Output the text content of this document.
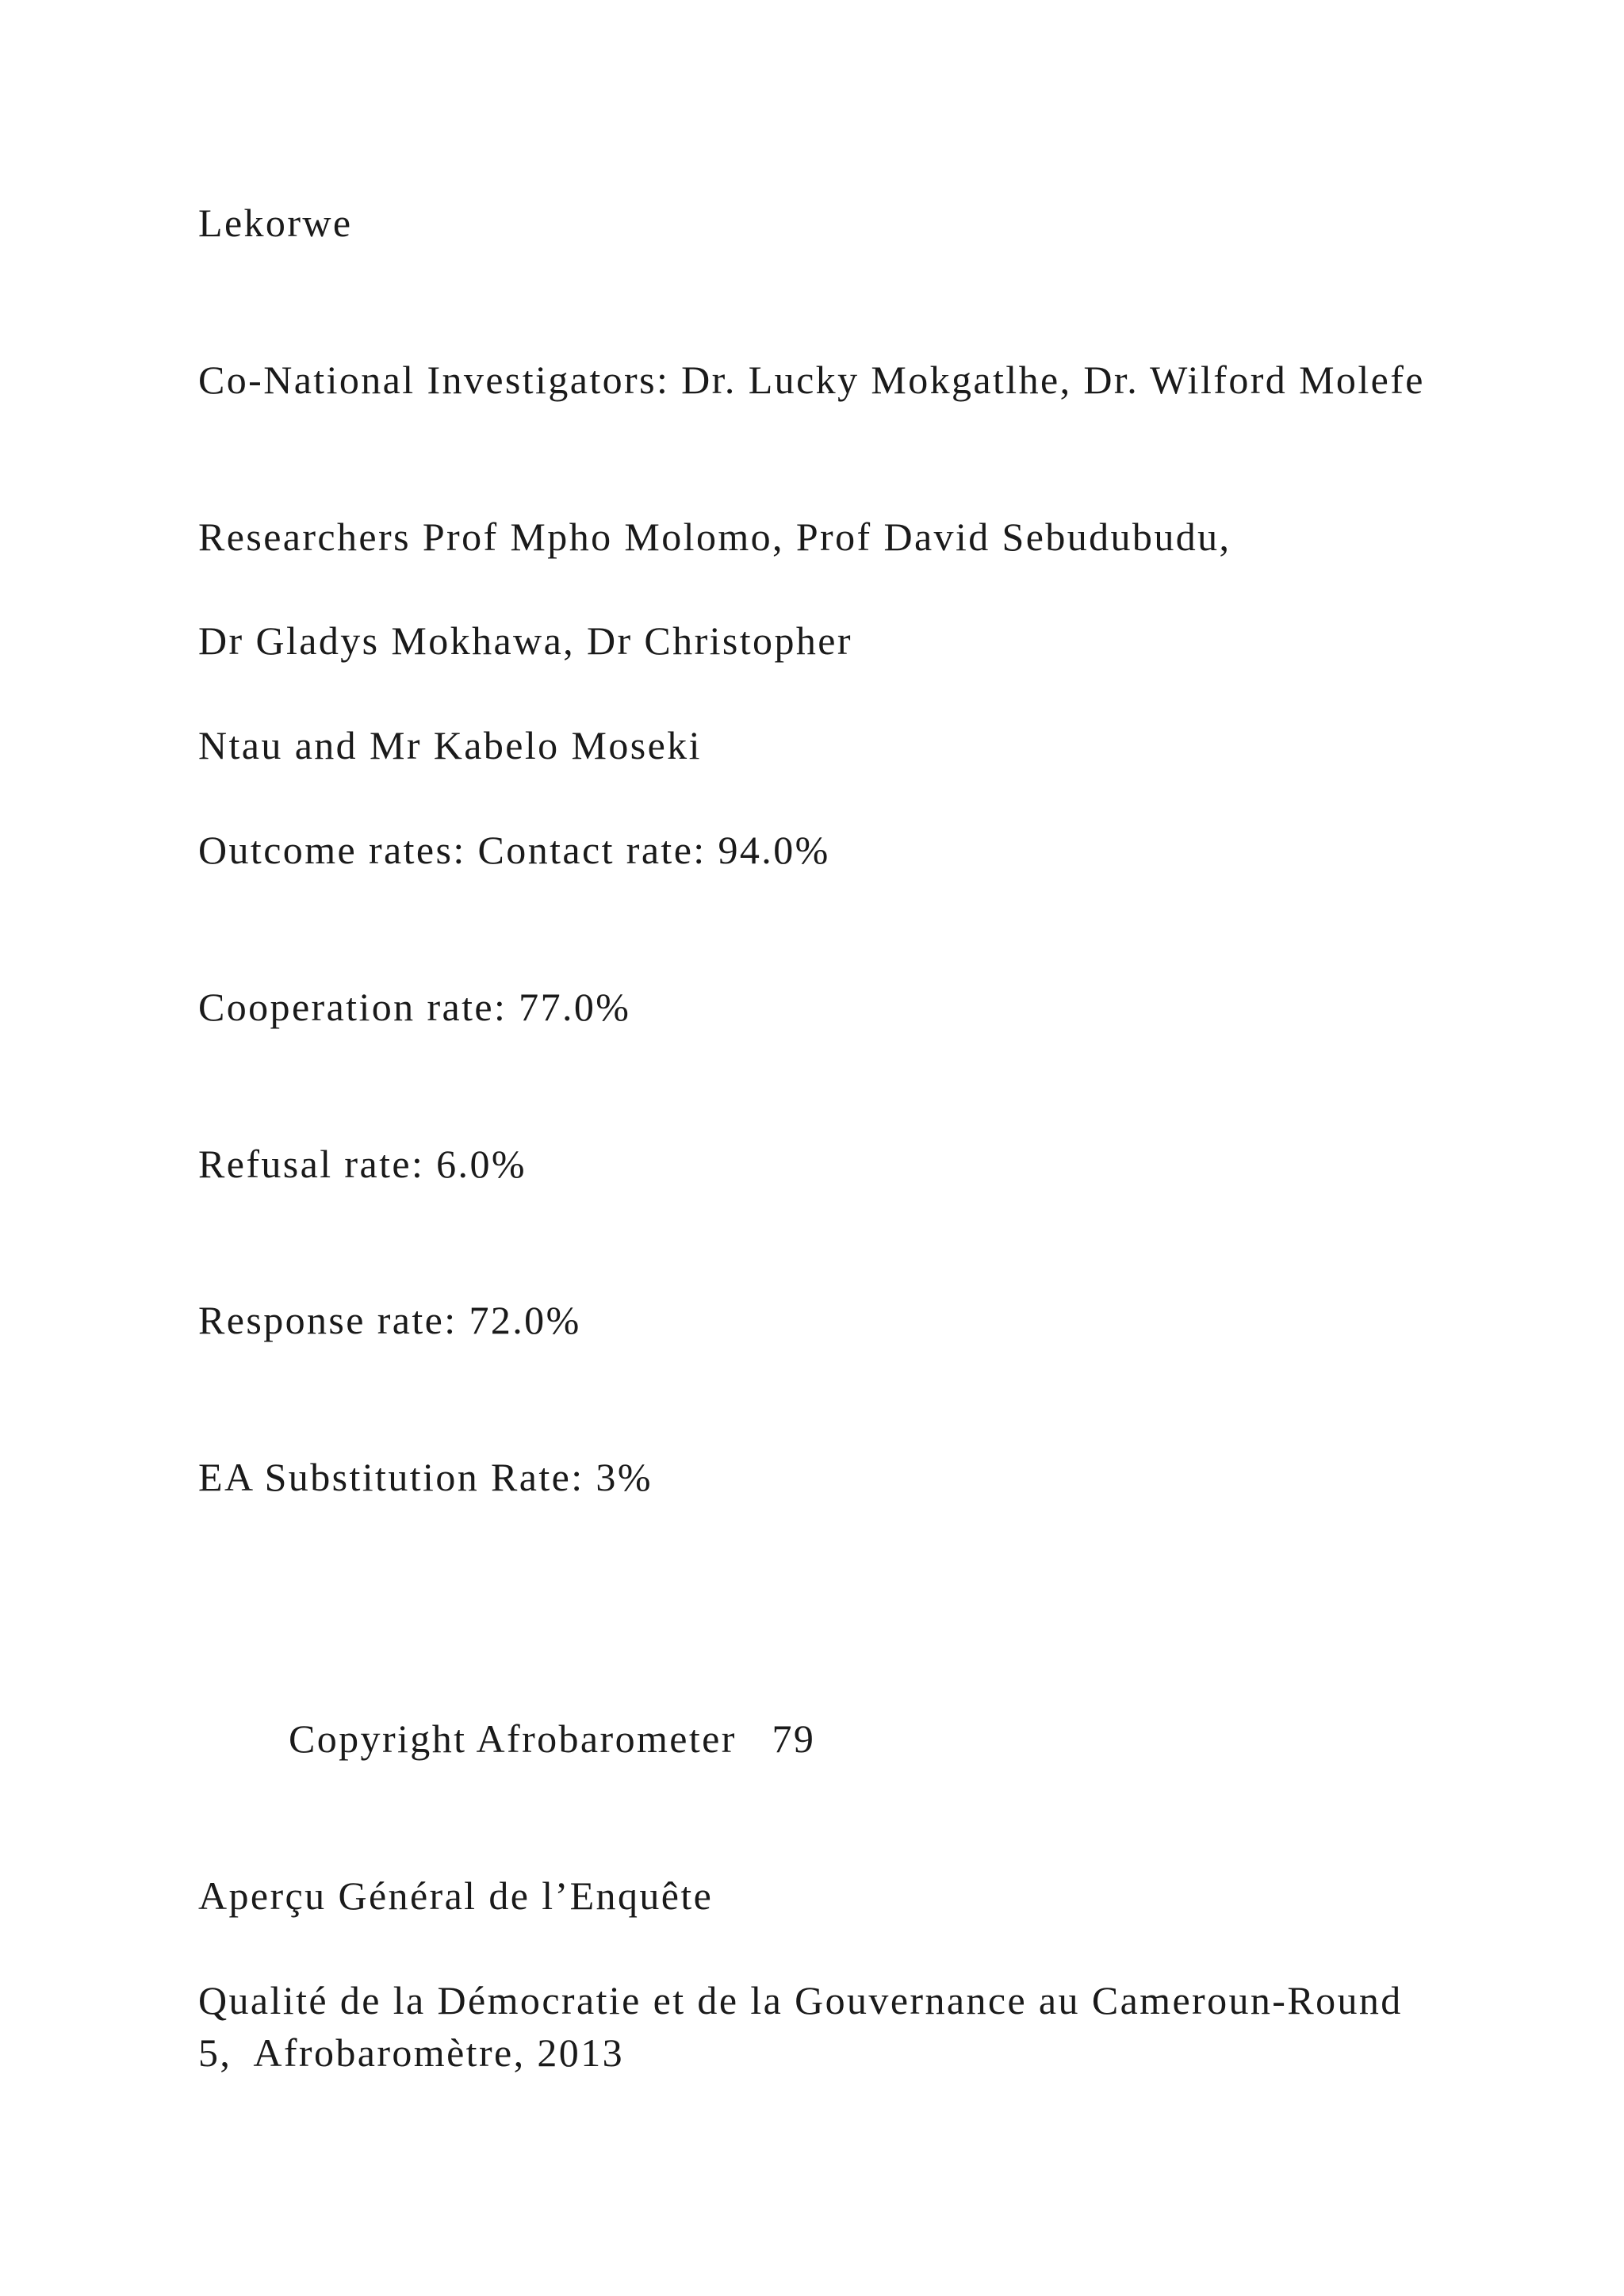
Lekorwe

Co-National Investigators: Dr. Lucky Mokgatlhe, Dr. Wilford Molefe

Researchers Prof Mpho Molomo, Prof David Sebudubudu,

Dr Gladys Mokhawa, Dr Christopher

Ntau and Mr Kabelo Moseki

Outcome rates: Contact rate: 94.0%

Cooperation rate: 77.0%

Refusal rate: 6.0%

Response rate: 72.0%

EA Substitution Rate: 3%

Copyright Afrobarometer   79

Aperçu Général de l’Enquête

Qualité de la Démocratie et de la Gouvernance au Cameroun-Round 5,  Afrobaromètre, 2013
